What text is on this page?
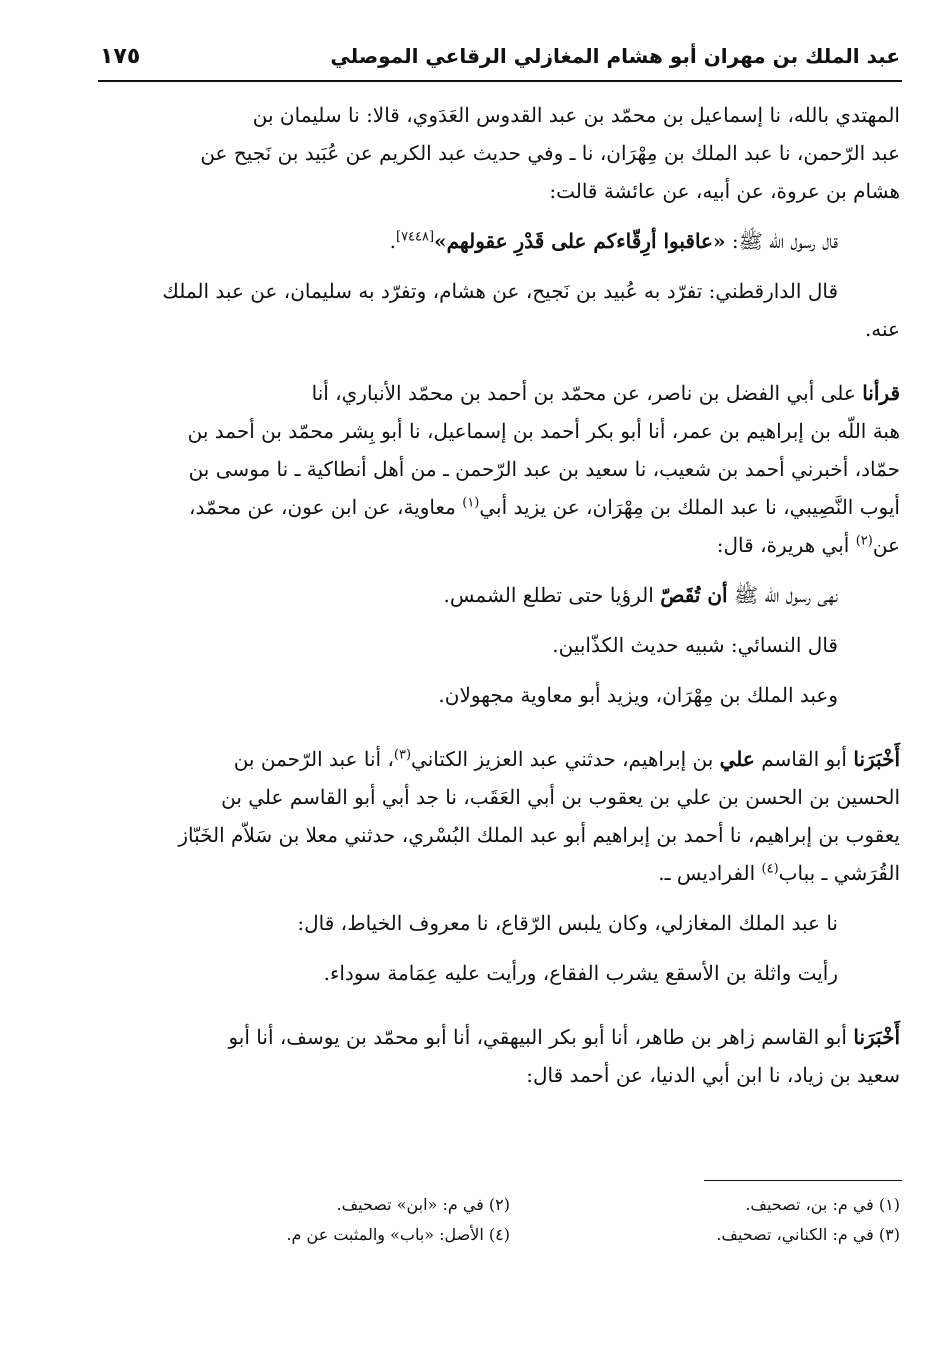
عبد الملك بن مهران أبو هشام المغازلي الرقاعي الموصلي
١٧٥

المهتدي بالله، نا إسماعيل بن محمّد بن عبد القدوس العَدَوي، قالا: نا سليمان بن
عبد الرّحمن، نا عبد الملك بن مِهْرَان، نا ـ وفي حديث عبد الكريم عن عُبَيد بن نَجيح عن
هشام بن عروة، عن أبيه، عن عائشة قالت:

قال رسول الله ﷺ: «عاقبوا أرِقّاءكم على قَدْرِ عقولهم»[٧٤٤٨].

قال الدارقطني: تفرّد به عُبيد بن نَجيح، عن هشام، وتفرّد به سليمان، عن عبد الملك

عنه.

قرأنا على أبي الفضل بن ناصر، عن محمّد بن أحمد بن محمّد الأنباري، أنا
هبة اللّه بن إبراهيم بن عمر، أنا أبو بكر أحمد بن إسماعيل، نا أبو بِشر محمّد بن أحمد بن
حمّاد، أخبرني أحمد بن شعيب، نا سعيد بن عبد الرّحمن ـ من أهل أنطاكية ـ نا موسى بن
أيوب النَّصِيبي، نا عبد الملك بن مِهْرَان، عن يزيد أبي$^{(١)}$ معاوية، عن ابن عون، عن محمّد،
عن$^{(٢)}$ أبي هريرة، قال:

نهى رسول الله ﷺ أن تُقَصّ الرؤيا حتى تطلع الشمس.

قال النسائي: شبيه حديث الكذّابين.

وعبد الملك بن مِهْرَان، ويزيد أبو معاوية مجهولان.

أَخْبَرَنا أبو القاسم علي بن إبراهيم، حدثني عبد العزيز الكتاني$^{(٣)}$، أنا عبد الرّحمن بن
الحسين بن الحسن بن علي بن يعقوب بن أبي العَقَب، نا جد أبي أبو القاسم علي بن
يعقوب بن إبراهيم، نا أحمد بن إبراهيم أبو عبد الملك البُسْري، حدثني معلا بن سَلاّم الخَبّاز
القُرَشي ـ بباب$^{(٤)}$ الفراديس ـ.

نا عبد الملك المغازلي، وكان يلبس الرّقاع، نا معروف الخياط، قال:

رأيت واثلة بن الأسقع يشرب الفقاع، ورأيت عليه عِمَامة سوداء.

أَخْبَرَنا أبو القاسم زاهر بن طاهر، أنا أبو بكر البيهقي، أنا أبو محمّد بن يوسف، أنا أبو
سعيد بن زياد، نا ابن أبي الدنيا، عن أحمد قال:

(١) في م: بن، تصحيف.
(٢) في م: «ابن» تصحيف.
(٣) في م: الكناني، تصحيف.
(٤) الأصل: «باب» والمثبت عن م.
